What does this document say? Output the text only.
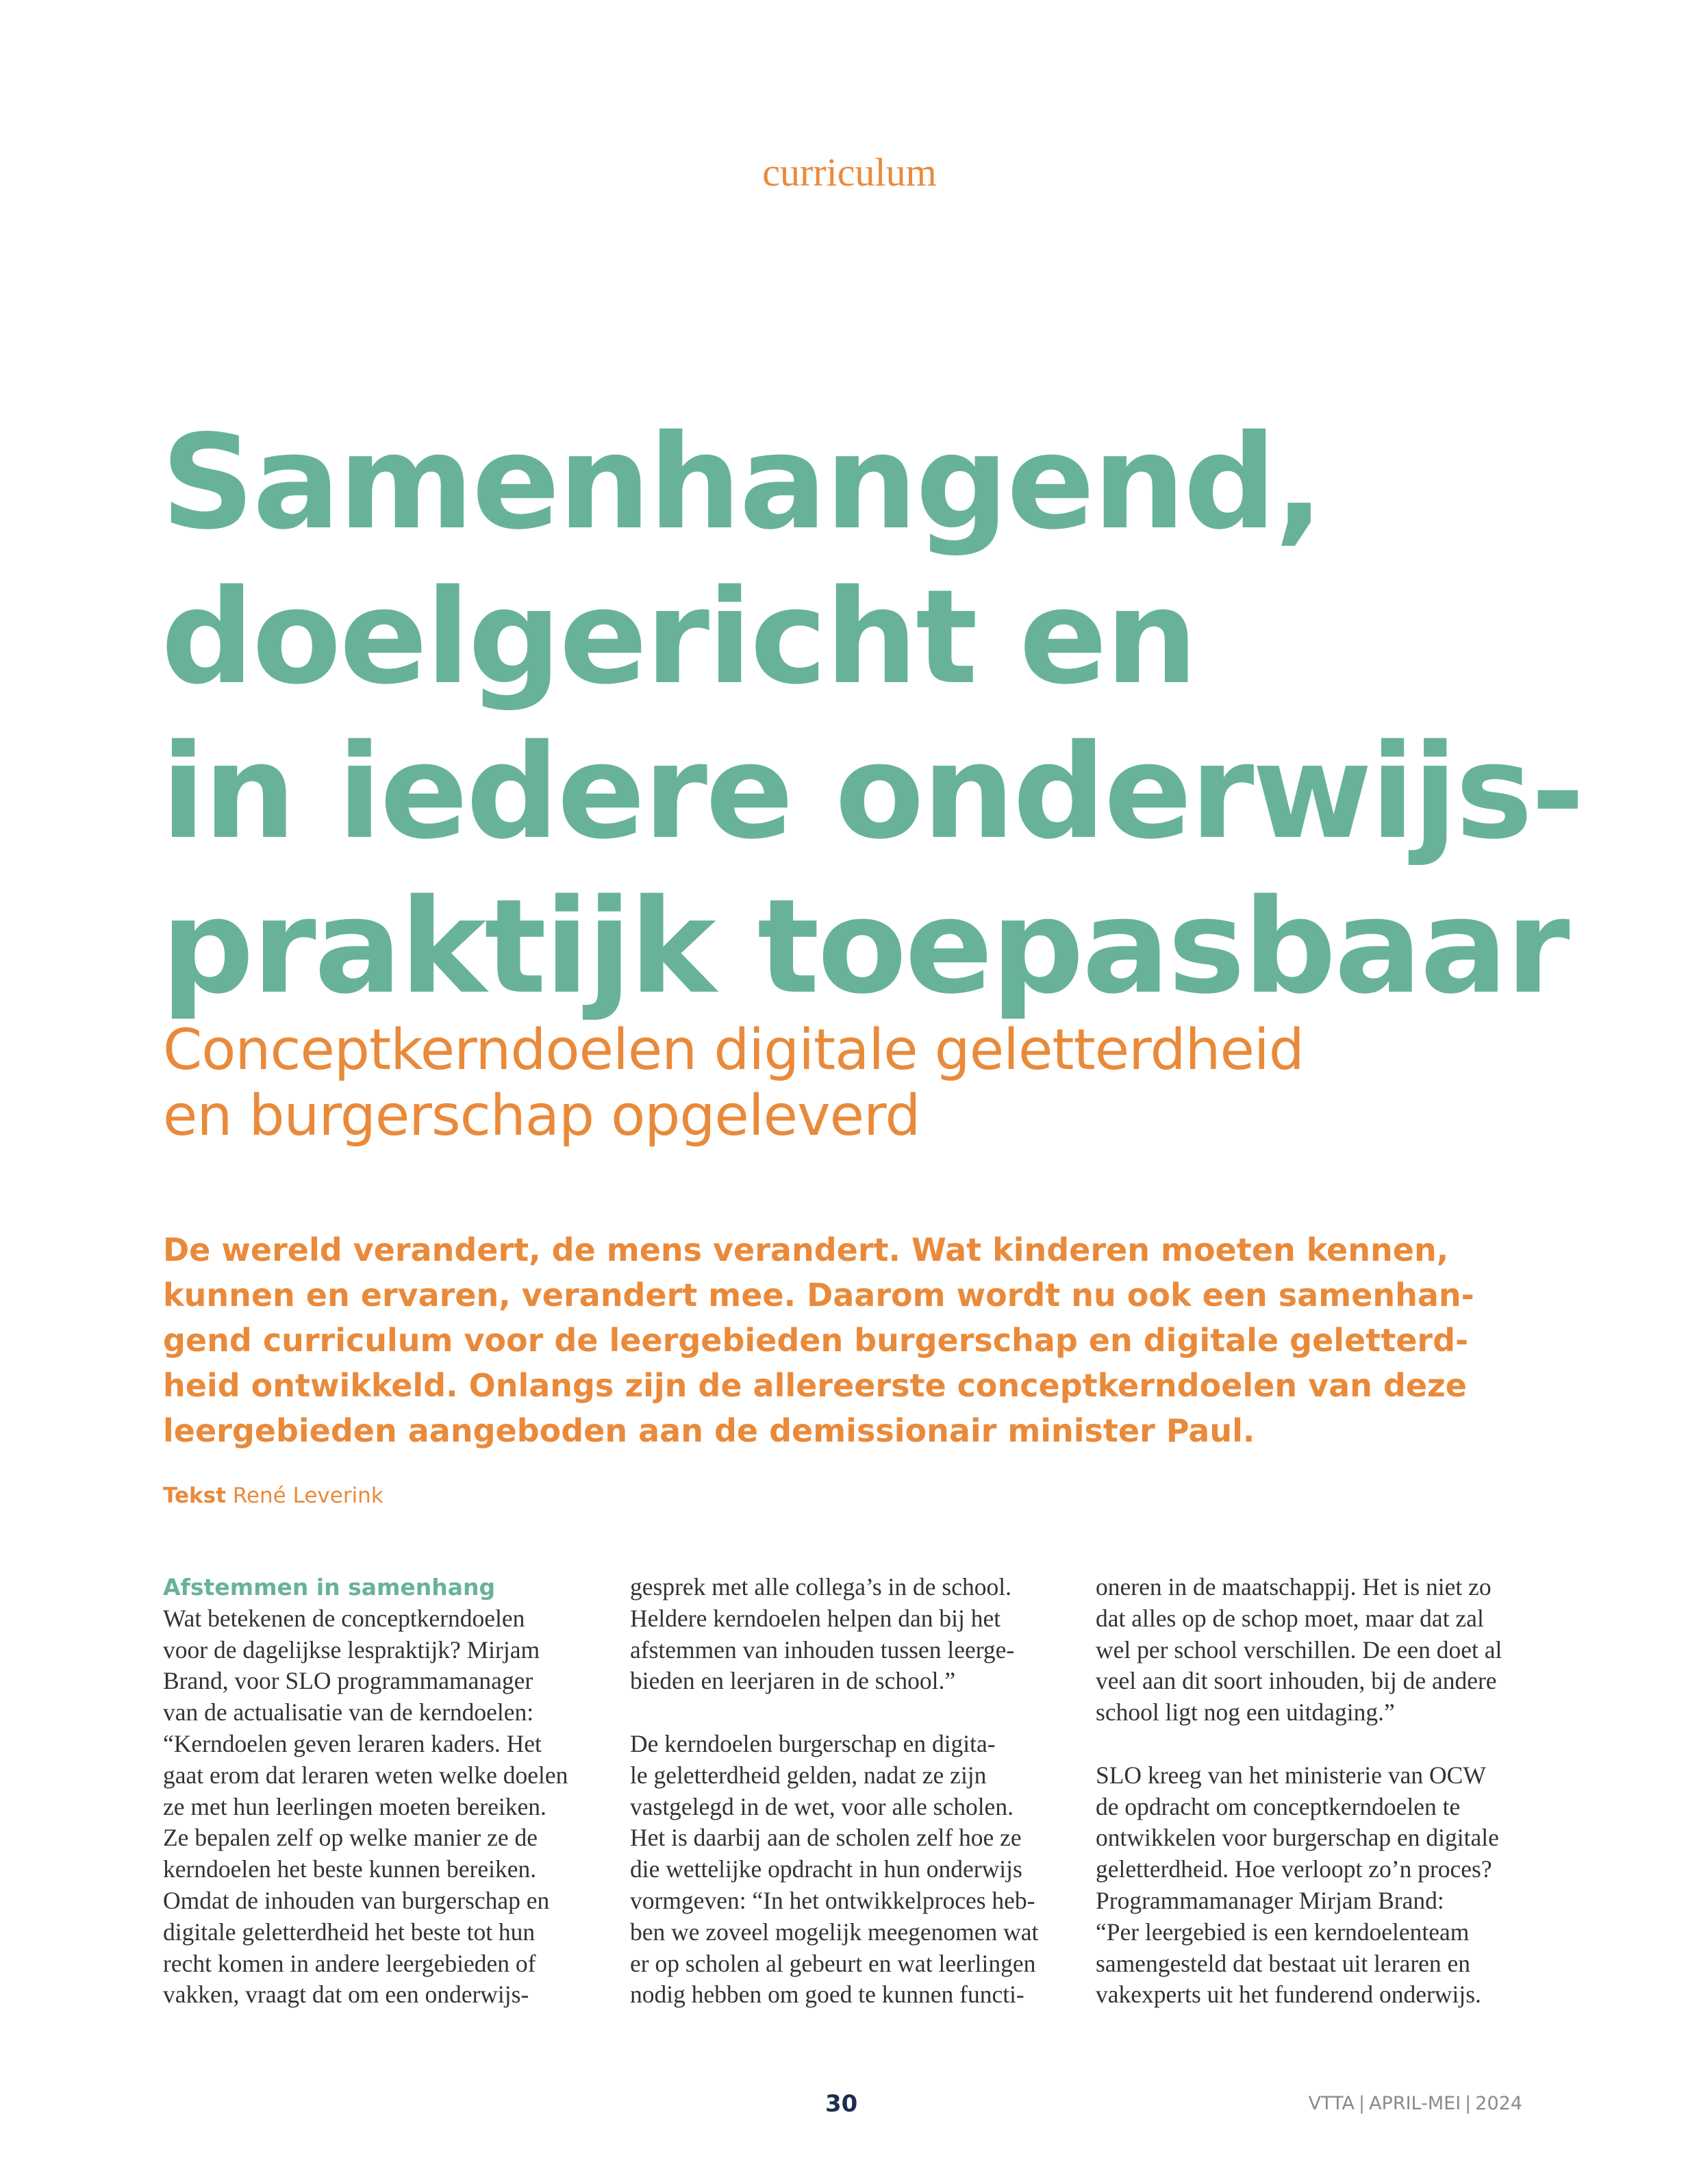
curriculum
Samenhangend,
doelgericht en
in iedere onderwijs-
praktijk toepasbaar
Conceptkerndoelen digitale geletterdheid
en burgerschap opgeleverd
De wereld verandert, de mens verandert. Wat kinderen moeten kennen,
kunnen en ervaren, verandert mee. Daarom wordt nu ook een samenhan-
gend curriculum voor de leergebieden burgerschap en digitale geletterd-
heid ontwikkeld. Onlangs zijn de allereerste conceptkerndoelen van deze
leergebieden aangeboden aan de demissionair minister Paul.
Tekst René Leverink
Afstemmen in samenhang
Wat betekenen de conceptkerndoelen
voor de dagelijkse lespraktijk? Mirjam
Brand, voor SLO programmamanager
van de actualisatie van de kerndoelen:
“Kerndoelen geven leraren kaders. Het
gaat erom dat leraren weten welke doelen
ze met hun leerlingen moeten bereiken.
Ze bepalen zelf op welke manier ze de
kerndoelen het beste kunnen bereiken.
Omdat de inhouden van burgerschap en
digitale geletterdheid het beste tot hun
recht komen in andere leergebieden of
vakken, vraagt dat om een onderwijs-
gesprek met alle collega’s in de school.
Heldere kerndoelen helpen dan bij het
afstemmen van inhouden tussen leerge-
bieden en leerjaren in de school.”
De kerndoelen burgerschap en digita-
le geletterdheid gelden, nadat ze zijn
vastgelegd in de wet, voor alle scholen.
Het is daarbij aan de scholen zelf hoe ze
die wettelijke opdracht in hun onderwijs
vormgeven: “In het ontwikkelproces heb-
ben we zoveel mogelijk meegenomen wat
er op scholen al gebeurt en wat leerlingen
nodig hebben om goed te kunnen functi-
oneren in de maatschappij. Het is niet zo
dat alles op de schop moet, maar dat zal
wel per school verschillen. De een doet al
veel aan dit soort inhouden, bij de andere
school ligt nog een uitdaging.”
SLO kreeg van het ministerie van OCW
de opdracht om conceptkerndoelen te
ontwikkelen voor burgerschap en digitale
geletterdheid. Hoe verloopt zo’n proces?
Programmamanager Mirjam Brand:
“Per leergebied is een kerndoelenteam
samengesteld dat bestaat uit leraren en
vakexperts uit het funderend onderwijs.
30	VTTA | APRIL-MEI | 2024
